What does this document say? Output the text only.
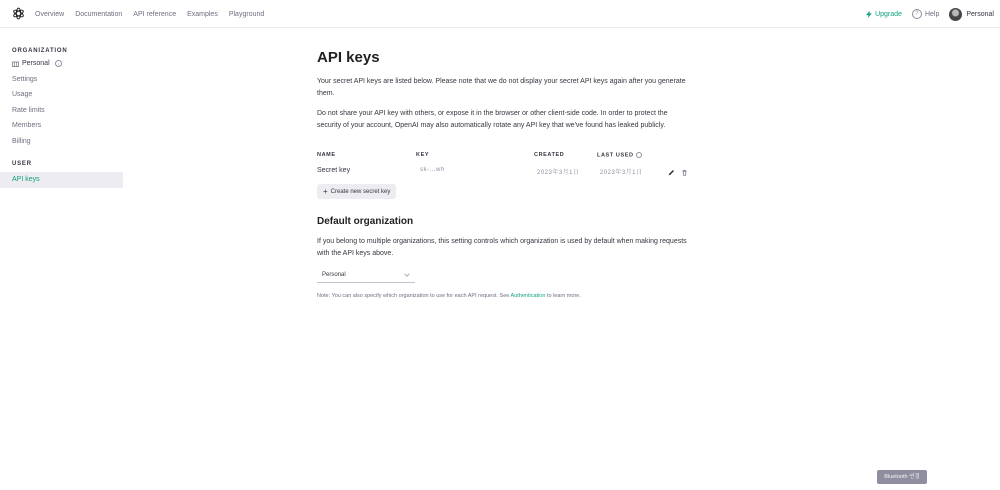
Overview Documentation API reference Examples Playground	Upgrade	? Help	Personal
ORGANIZATION
Personal	i
Settings
Usage
Rate limits
Members
Billing
USER
API keys
API keys

Your secret API keys are listed below. Please note that we do not display your secret API keys again after you generate them.

Do not share your API key with others, or expose it in the browser or other client-side code. In order to protect the security of your account, OpenAI may also automatically rotate any API key that we've found has leaked publicly.

NAME	KEY	CREATED	LAST USED
Secret key	sk-...wh	2023年3月1日	2023年3月1日
+ Create new secret key
Default organization

If you belong to multiple organizations, this setting controls which organization is used by default when making requests with the API keys above.

Personal

Note: You can also specify which organization to use for each API request. See Authentication to learn more.

Bluetooth 연결
